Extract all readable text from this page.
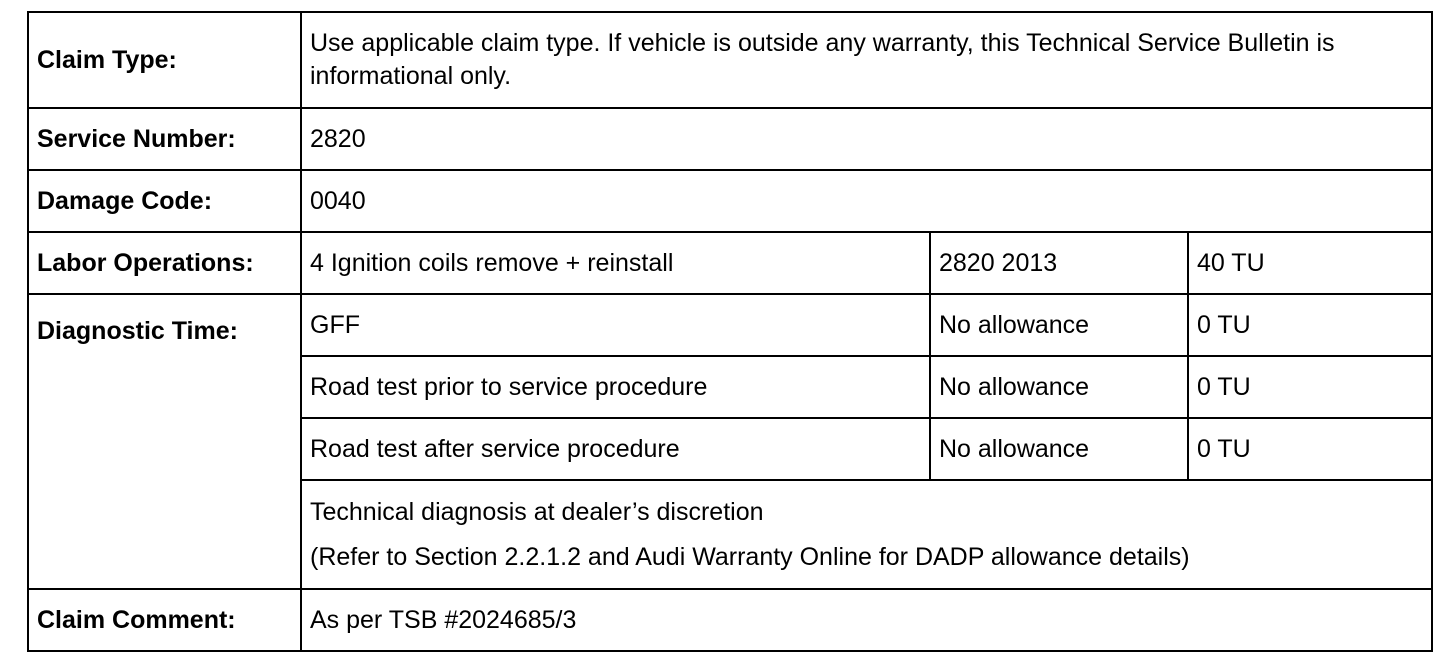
Claim Type:	Use applicable claim type. If vehicle is outside any warranty, this Technical Service Bulletin is informational only.		
Service Number:	2820		
Damage Code:	0040		
Labor Operations:	4 Ignition coils remove + reinstall	2820 2013	40 TU
Diagnostic Time:	GFF	No allowance	0 TU
	Road test prior to service procedure	No allowance	0 TU
	Road test after service procedure	No allowance	0 TU

	Technical diagnosis at dealer’s discretion
(Refer to Section 2.2.1.2 and Audi Warranty Online for DADP allowance details)		

Claim Comment:	As per TSB #2024685/3		
